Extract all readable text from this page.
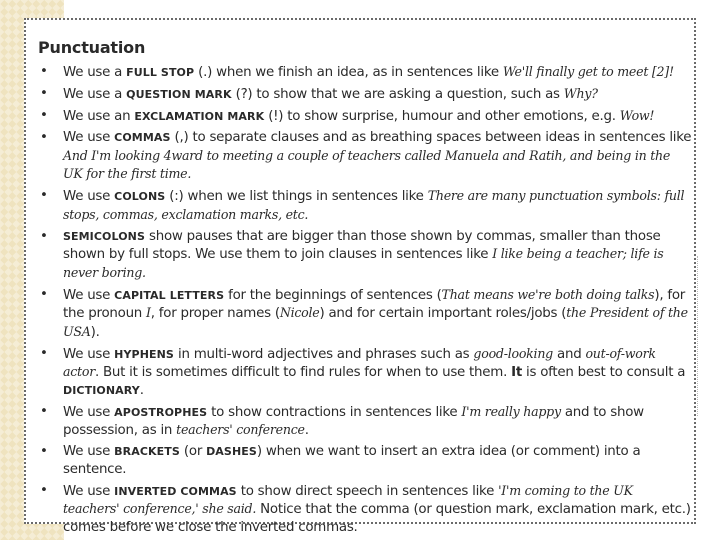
Punctuation
• We use a FULL STOP (.) when we finish an idea, as in sentences like We'll finally get to meet [2]!
• We use a QUESTION MARK (?) to show that we are asking a question, such as Why?
• We use an EXCLAMATION MARK (!) to show surprise, humour and other emotions, e.g. Wow!
• We use COMMAS (,) to separate clauses and as breathing spaces between ideas in sentences like And I'm looking 4ward to meeting a couple of teachers called Manuela and Ratih, and being in the UK for the first time.
• We use COLONS (:) when we list things in sentences like There are many punctuation symbols: full stops, commas, exclamation marks, etc.
• SEMICOLONS show pauses that are bigger than those shown by commas, smaller than those shown by full stops. We use them to join clauses in sentences like I like being a teacher; life is never boring.
• We use CAPITAL LETTERS for the beginnings of sentences (That means we're both doing talks), for the pronoun I, for proper names (Nicole) and for certain important roles/jobs (the President of the USA).
• We use HYPHENS in multi-word adjectives and phrases such as good-looking and out-of-work actor. But it is sometimes difficult to find rules for when to use them. It is often best to consult a DICTIONARY.
• We use APOSTROPHES to show contractions in sentences like I'm really happy and to show possession, as in teachers' conference.
• We use BRACKETS (or DASHES) when we want to insert an extra idea (or comment) into a sentence.
• We use INVERTED COMMAS to show direct speech in sentences like 'I'm coming to the UK teachers' conference,' she said. Notice that the comma (or question mark, exclamation mark, etc.) comes before we close the inverted commas.
